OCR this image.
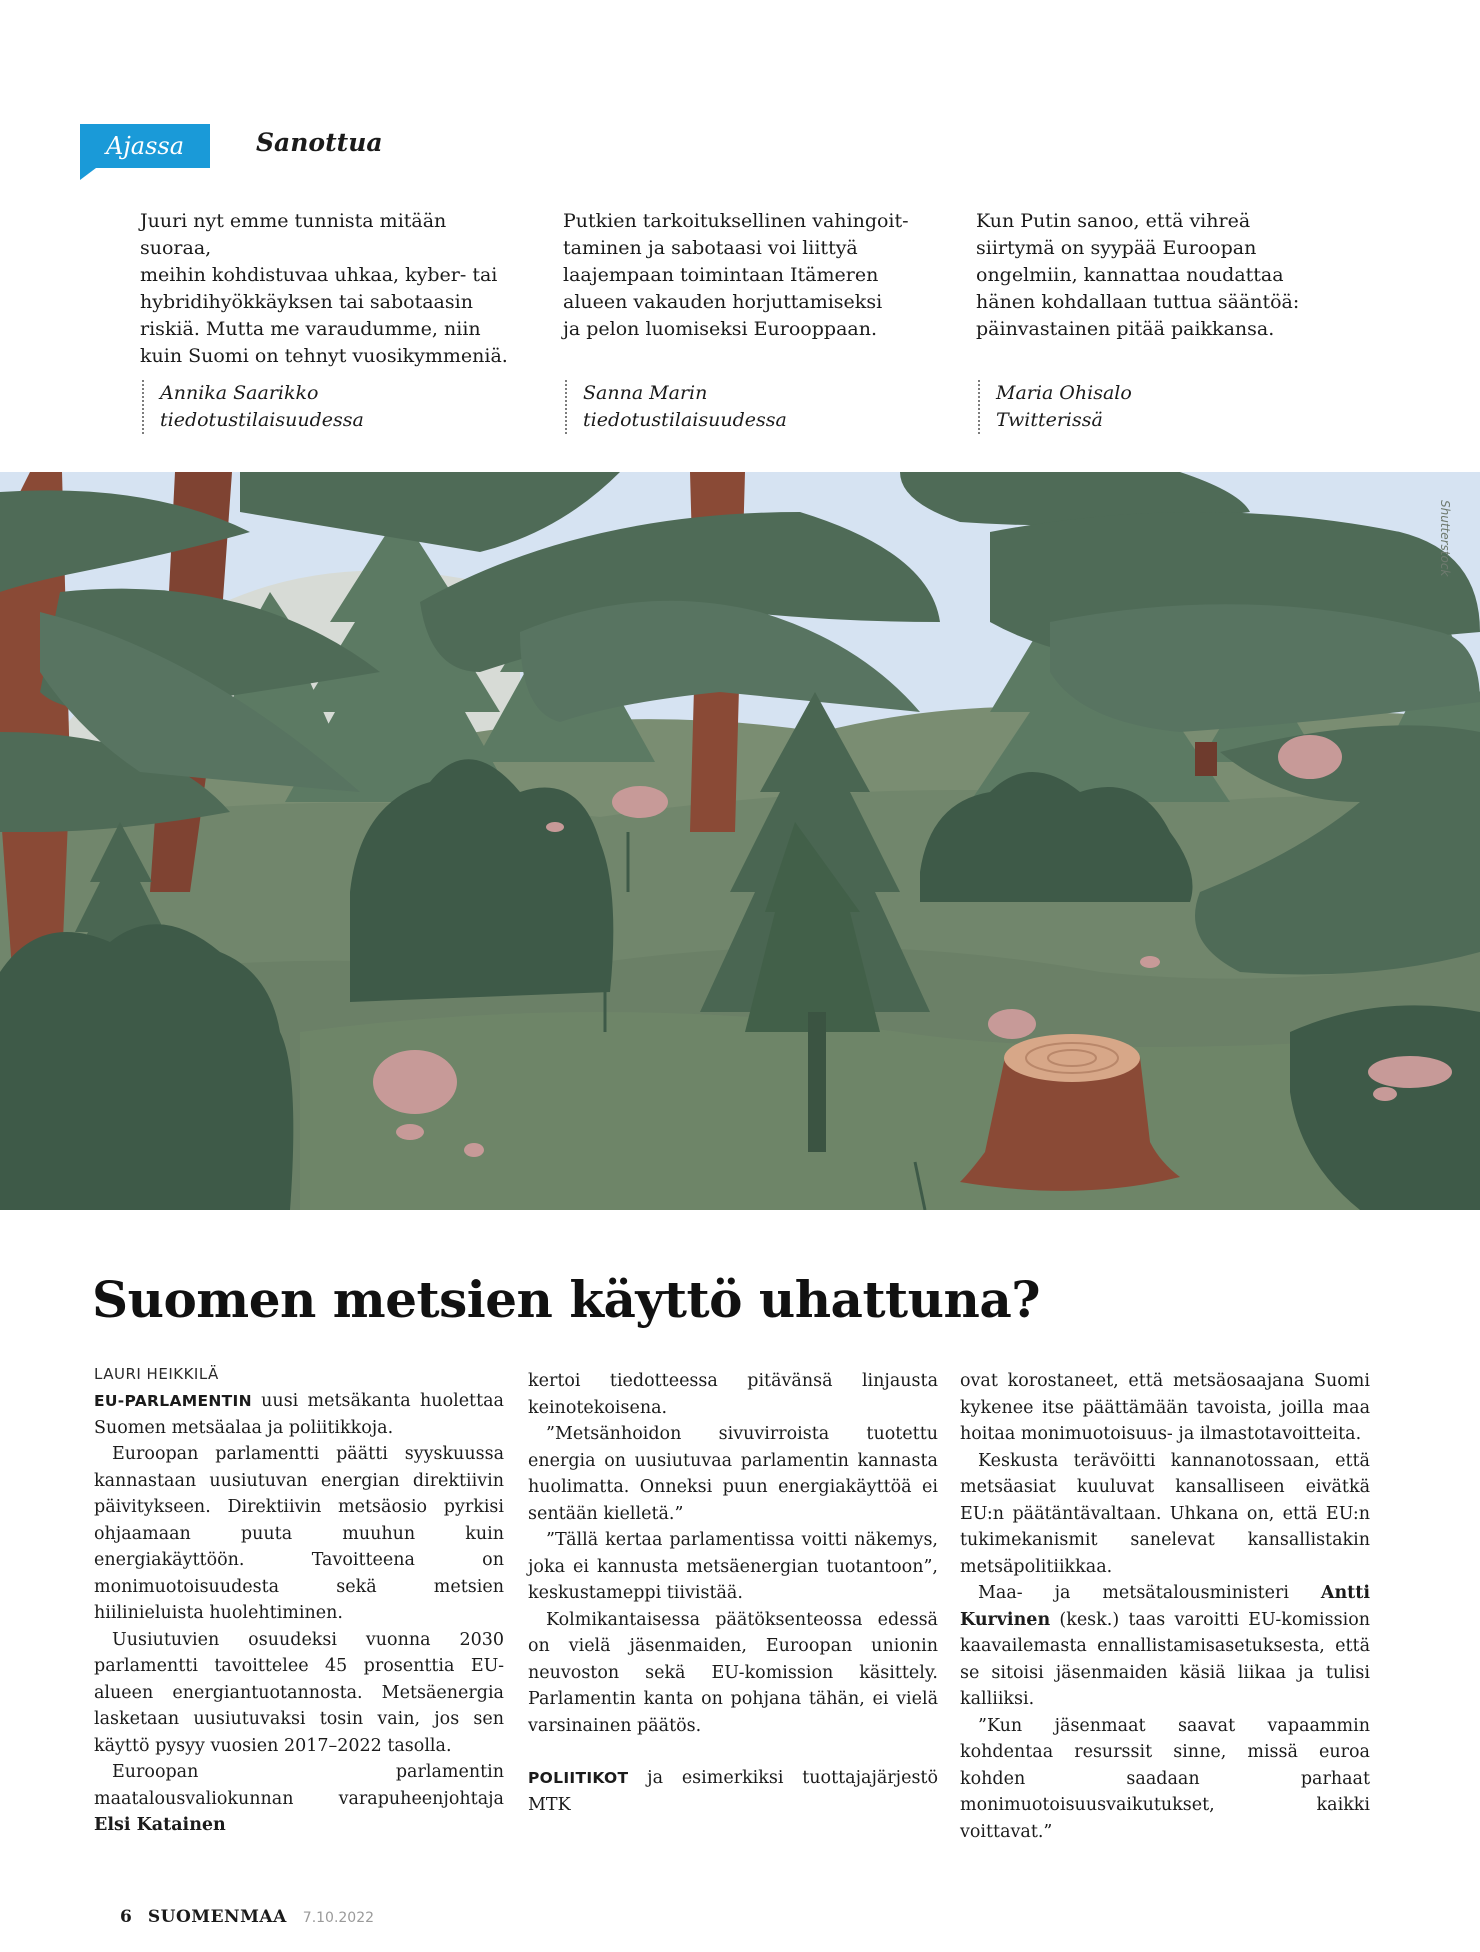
Ajassa	Sanottua
Juuri nyt emme tunnista mitään suoraa,
meihin kohdistuvaa uhkaa, kyber- tai
hybridihyökkäyksen tai sabotaasin
riskiä. Mutta me varaudumme, niin
kuin Suomi on tehnyt vuosikymmeniä.
Annika Saarikko
tiedotustilaisuudessa
Putkien tarkoituksellinen vahingoit-
taminen ja sabotaasi voi liittyä
laajempaan toimintaan Itämeren
alueen vakauden horjuttamiseksi
ja pelon luomiseksi Eurooppaan.
Sanna Marin
tiedotustilaisuudessa
Kun Putin sanoo, että vihreä
siirtymä on syypää Euroopan
ongelmiin, kannattaa noudattaa
hänen kohdallaan tuttua sääntöä:
päinvastainen pitää paikkansa.
Maria Ohisalo
Twitterissä
Shutterstock
Suomen metsien käyttö uhattuna?
LAURI HEIKKILÄ

EU-PARLAMENTIN uusi metsäkanta huolettaa Suomen metsäalaa ja poliitikkoja.

Euroopan parlamentti päätti syyskuussa kannastaan uusiutuvan energian direktiivin päivitykseen. Direktiivin metsäosio pyrkisi ohjaamaan puuta muuhun kuin energiakäyttöön. Tavoitteena on monimuotoisuudesta sekä metsien hiilinieluista huolehtiminen.

Uusiutuvien osuudeksi vuonna 2030 parlamentti tavoittelee 45 prosenttia EU-alueen energiantuotannosta. Metsäenergia lasketaan uusiutuvaksi tosin vain, jos sen käyttö pysyy vuosien 2017–2022 tasolla.

Euroopan parlamentin maatalousvaliokunnan varapuheenjohtaja Elsi Katainen

kertoi tiedotteessa pitävänsä linjausta keinotekoisena.

”Metsänhoidon sivuvirroista tuotettu energia on uusiutuvaa parlamentin kannasta huolimatta. Onneksi puun energiakäyttöä ei sentään kielletä.”

”Tällä kertaa parlamentissa voitti näkemys, joka ei kannusta metsäenergian tuotantoon”, keskustameppi tiivistää.

Kolmikantaisessa päätöksenteossa edessä on vielä jäsenmaiden, Euroopan unionin neuvoston sekä EU-komission käsittely. Parlamentin kanta on pohjana tähän, ei vielä varsinainen päätös.

POLIITIKOT ja esimerkiksi tuottajajärjestö MTK

ovat korostaneet, että metsäosaajana Suomi kykenee itse päättämään tavoista, joilla maa hoitaa monimuotoisuus- ja ilmastotavoitteita.

Keskusta terävöitti kannanotossaan, että metsäasiat kuuluvat kansalliseen eivätkä EU:n päätäntävaltaan. Uhkana on, että EU:n tukimekanismit sanelevat kansallistakin metsäpolitiikkaa.

Maa- ja metsätalousministeri Antti Kurvinen (kesk.) taas varoitti EU-komission kaavailemasta ennallistamisasetuksesta, että se sitoisi jäsenmaiden käsiä liikaa ja tulisi kalliiksi.

”Kun jäsenmaat saavat vapaammin kohdentaa resurssit sinne, missä euroa kohden saadaan parhaat monimuotoisuusvaikutukset, kaikki voittavat.”

6 SUOMENMAA 7.10.2022
